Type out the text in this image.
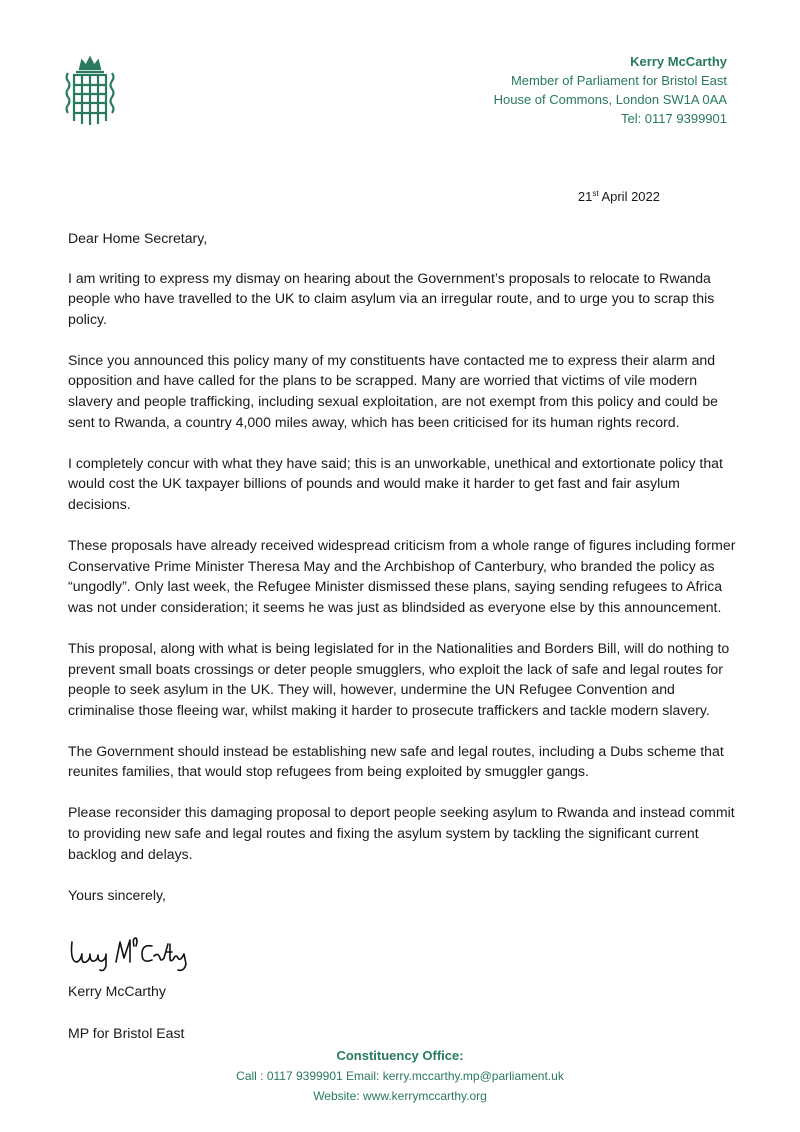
Kerry McCarthy
Member of Parliament for Bristol East
House of Commons, London SW1A 0AA
Tel: 0117 9399901
21st April 2022

Dear Home Secretary,

I am writing to express my dismay on hearing about the Government’s proposals to relocate to Rwanda people who have travelled to the UK to claim asylum via an irregular route, and to urge you to scrap this policy.

Since you announced this policy many of my constituents have contacted me to express their alarm and opposition and have called for the plans to be scrapped. Many are worried that victims of vile modern slavery and people trafficking, including sexual exploitation, are not exempt from this policy and could be sent to Rwanda, a country 4,000 miles away, which has been criticised for its human rights record.

I completely concur with what they have said; this is an unworkable, unethical and extortionate policy that would cost the UK taxpayer billions of pounds and would make it harder to get fast and fair asylum decisions.

These proposals have already received widespread criticism from a whole range of figures including former Conservative Prime Minister Theresa May and the Archbishop of Canterbury, who branded the policy as “ungodly”. Only last week, the Refugee Minister dismissed these plans, saying sending refugees to Africa was not under consideration; it seems he was just as blindsided as everyone else by this announcement.

This proposal, along with what is being legislated for in the Nationalities and Borders Bill, will do nothing to prevent small boats crossings or deter people smugglers, who exploit the lack of safe and legal routes for people to seek asylum in the UK. They will, however, undermine the UN Refugee Convention and criminalise those fleeing war, whilst making it harder to prosecute traffickers and tackle modern slavery.

The Government should instead be establishing new safe and legal routes, including a Dubs scheme that reunites families, that would stop refugees from being exploited by smuggler gangs.

Please reconsider this damaging proposal to deport people seeking asylum to Rwanda and instead commit to providing new safe and legal routes and fixing the asylum system by tackling the significant current backlog and delays.

Yours sincerely,

Kerry McCarthy

MP for Bristol East

Constituency Office:
Call : 0117 9399901 Email: kerry.mccarthy.mp@parliament.uk
Website: www.kerrymccarthy.org
